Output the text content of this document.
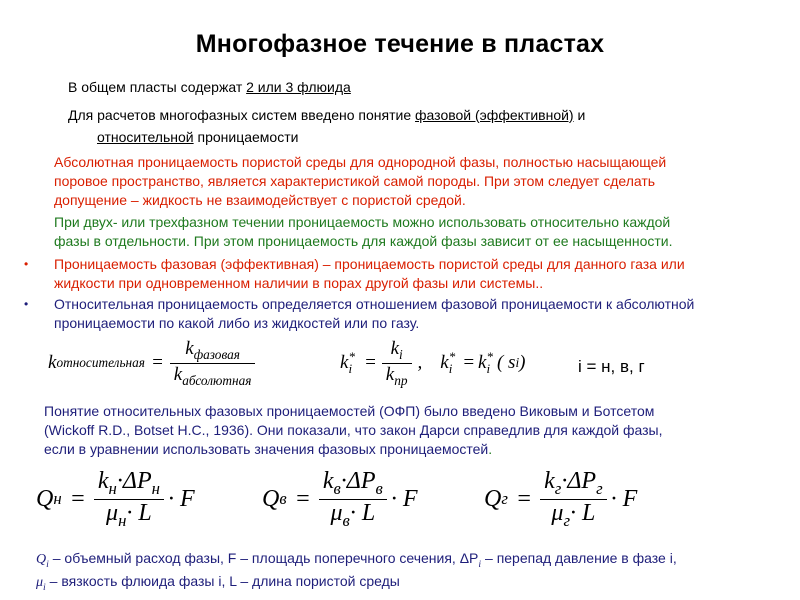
Многофазное течение в пластах
В общем пласты содержат 2 или 3 флюида
Для расчетов многофазных систем введено понятие фазовой (эффективной) и
относительной проницаемости
Абсолютная проницаемость пористой среды для однородной фазы, полностью насыщающей
поровое пространство, является характеристикой самой породы. При этом следует сделать
допущение – жидкость не взаимодействует с пористой средой.
При двух- или трехфазном течении проницаемость можно использовать относительно каждой
фазы в отдельности. При этом проницаемость для каждой фазы зависит от ее насыщенности.
• Проницаемость фазовая (эффективная) – проницаемость пористой среды для данного газа или
жидкости при одновременном наличии в порах другой фазы или системы..
• Относительная проницаемость определяется отношением фазовой проницаемости к абсолютной
проницаемости по какой либо из жидкостей или по газу.
k относительная = $\frac{k_{фазовая}}{k_{абсолютная}}$	k *
$i = \frac{k_i}{k_{пр}}$ , k *
i = k *
i ( s i )	i = н, в, г
Понятие относительных фазовых проницаемостей (ОФП) было введено Виковым и Ботсетом
(Wickoff R.D., Botset H.C., 1936). Они показали, что закон Дарси справедлив для каждой фазы,
если в уравнении использовать значения фазовых проницаемостей.
Q $н = \frac{k_н\cdot\Delta P_н}{\mu_н\cdot L} \cdot F$	Q $в = \frac{k_в\cdot\Delta P_в}{\mu_в\cdot L} \cdot F$	Q $г = \frac{k_г\cdot\Delta P_г}{\mu_г\cdot L} \cdot F$
$Q_i$ – объемный расход фазы, F – площадь поперечного сечения, $\Delta P_i$ – перепад давление в фазе i,
$\mu_i$ – вязкость флюида фазы i, L – длина пористой среды
